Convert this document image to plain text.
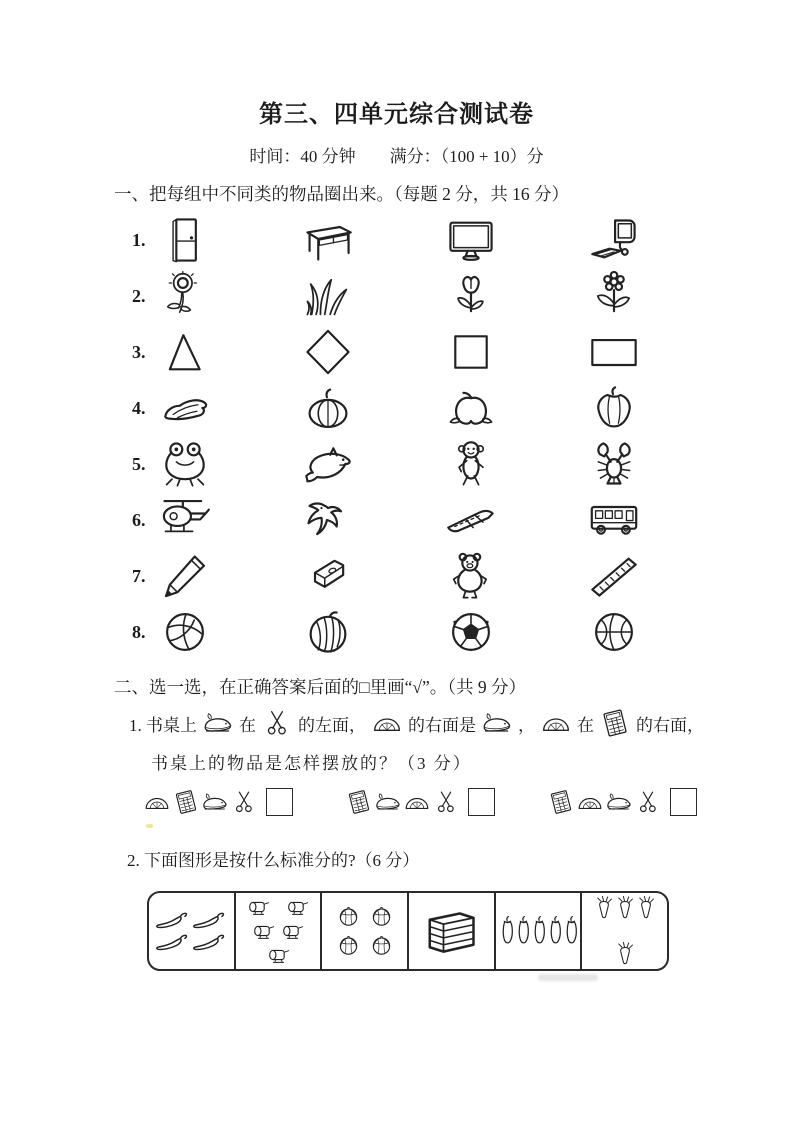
第三、四单元综合测试卷
时间：40 分钟　　满分：（100 + 10）分
一、把每组中不同类的物品圈出来。（每题 2 分，共 16 分）
1.
2.
3.
4.
5.
6.
7.
8.
二、选一选，在正确答案后面的□里画“√”。（共 9 分）
1. 书桌上 在 的左面， 的右面是 ， 在 的右面，
书桌上的物品是怎样摆放的？（3 分）
2. 下面图形是按什么标准分的?（6 分）
